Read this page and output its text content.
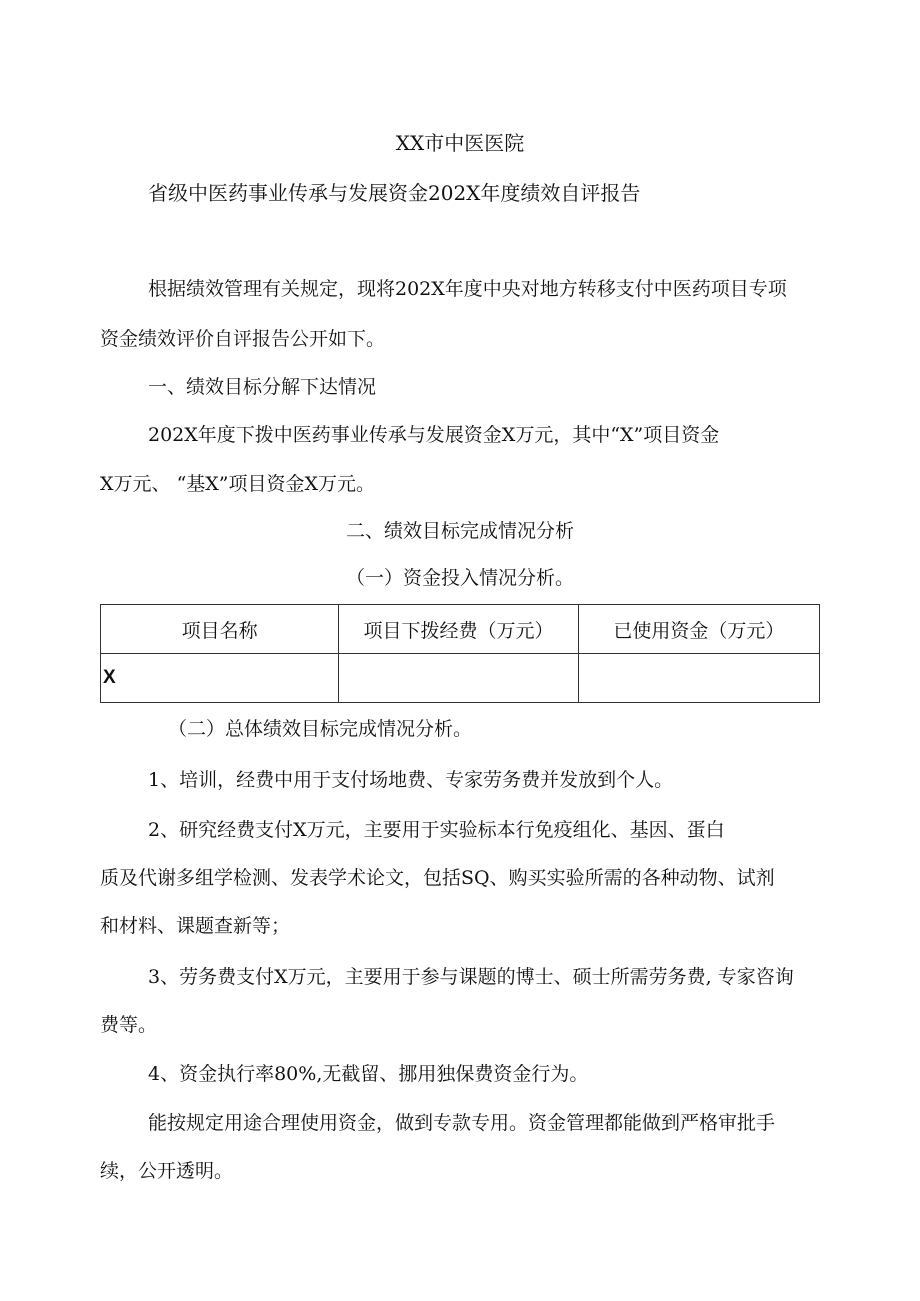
XX市中医医院
省级中医药事业传承与发展资金202X年度绩效自评报告
根据绩效管理有关规定，现将202X年度中央对地方转移支付中医药项目专项
资金绩效评价自评报告公开如下。
一、绩效目标分解下达情况
202X年度下拨中医药事业传承与发展资金X万元，其中“X”项目资金
X万元、 “基X”项目资金X万元。
二、绩效目标完成情况分析
（一）资金投入情况分析。
项目名称	项目下拨经费（万元）	已使用资金（万元）
X		
（二）总体绩效目标完成情况分析。
1、培训，经费中用于支付场地费、专家劳务费并发放到个人。
2、研究经费支付X万元，主要用于实验标本行免疫组化、基因、蛋白
质及代谢多组学检测、发表学术论文，包括SQ、购买实验所需的各种动物、试剂
和材料、课题查新等；
3、劳务费支付X万元，主要用于参与课题的博士、硕士所需劳务费, 专家咨询
费等。
4、资金执行率80%,无截留、挪用独保费资金行为。
能按规定用途合理使用资金，做到专款专用。资金管理都能做到严格审批手
续，公开透明。
